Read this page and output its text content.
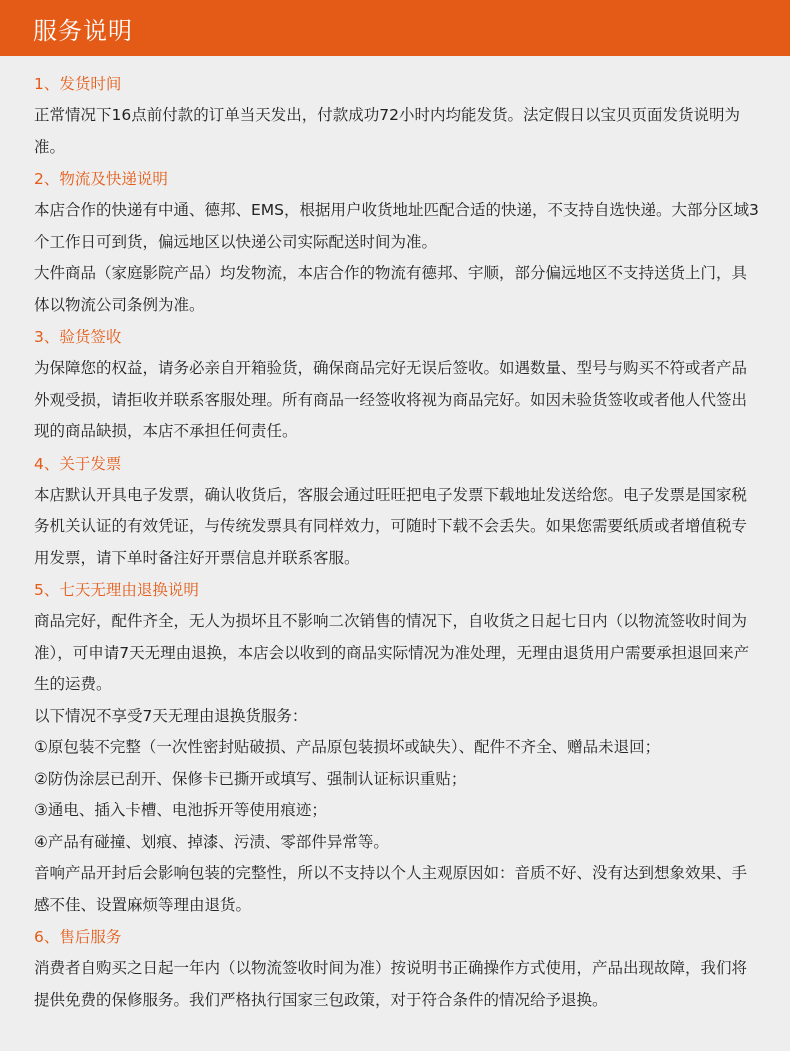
服务说明

1、发货时间

正常情况下16点前付款的订单当天发出，付款成功72小时内均能发货。法定假日以宝贝页面发货说明为准。

2、物流及快递说明

本店合作的快递有中通、德邦、EMS，根据用户收货地址匹配合适的快递，不支持自选快递。大部分区域3个工作日可到货，偏远地区以快递公司实际配送时间为准。

大件商品（家庭影院产品）均发物流，本店合作的物流有德邦、宇顺，部分偏远地区不支持送货上门，具体以物流公司条例为准。

3、验货签收

为保障您的权益，请务必亲自开箱验货，确保商品完好无误后签收。如遇数量、型号与购买不符或者产品外观受损，请拒收并联系客服处理。所有商品一经签收将视为商品完好。如因未验货签收或者他人代签出现的商品缺损，本店不承担任何责任。

4、关于发票

本店默认开具电子发票，确认收货后，客服会通过旺旺把电子发票下载地址发送给您。电子发票是国家税务机关认证的有效凭证，与传统发票具有同样效力，可随时下载不会丢失。如果您需要纸质或者增值税专用发票，请下单时备注好开票信息并联系客服。

5、七天无理由退换说明

商品完好，配件齐全，无人为损坏且不影响二次销售的情况下，自收货之日起七日内（以物流签收时间为准），可申请7天无理由退换，本店会以收到的商品实际情况为准处理，无理由退货用户需要承担退回来产生的运费。

以下情况不享受7天无理由退换货服务：

①原包装不完整（一次性密封贴破损、产品原包装损坏或缺失）、配件不齐全、赠品未退回；

②防伪涂层已刮开、保修卡已撕开或填写、强制认证标识重贴；

③通电、插入卡槽、电池拆开等使用痕迹；

④产品有碰撞、划痕、掉漆、污渍、零部件异常等。

音响产品开封后会影响包装的完整性，所以不支持以个人主观原因如：音质不好、没有达到想象效果、手感不佳、设置麻烦等理由退货。

6、售后服务

消费者自购买之日起一年内（以物流签收时间为准）按说明书正确操作方式使用，产品出现故障，我们将提供免费的保修服务。我们严格执行国家三包政策，对于符合条件的情况给予退换。
